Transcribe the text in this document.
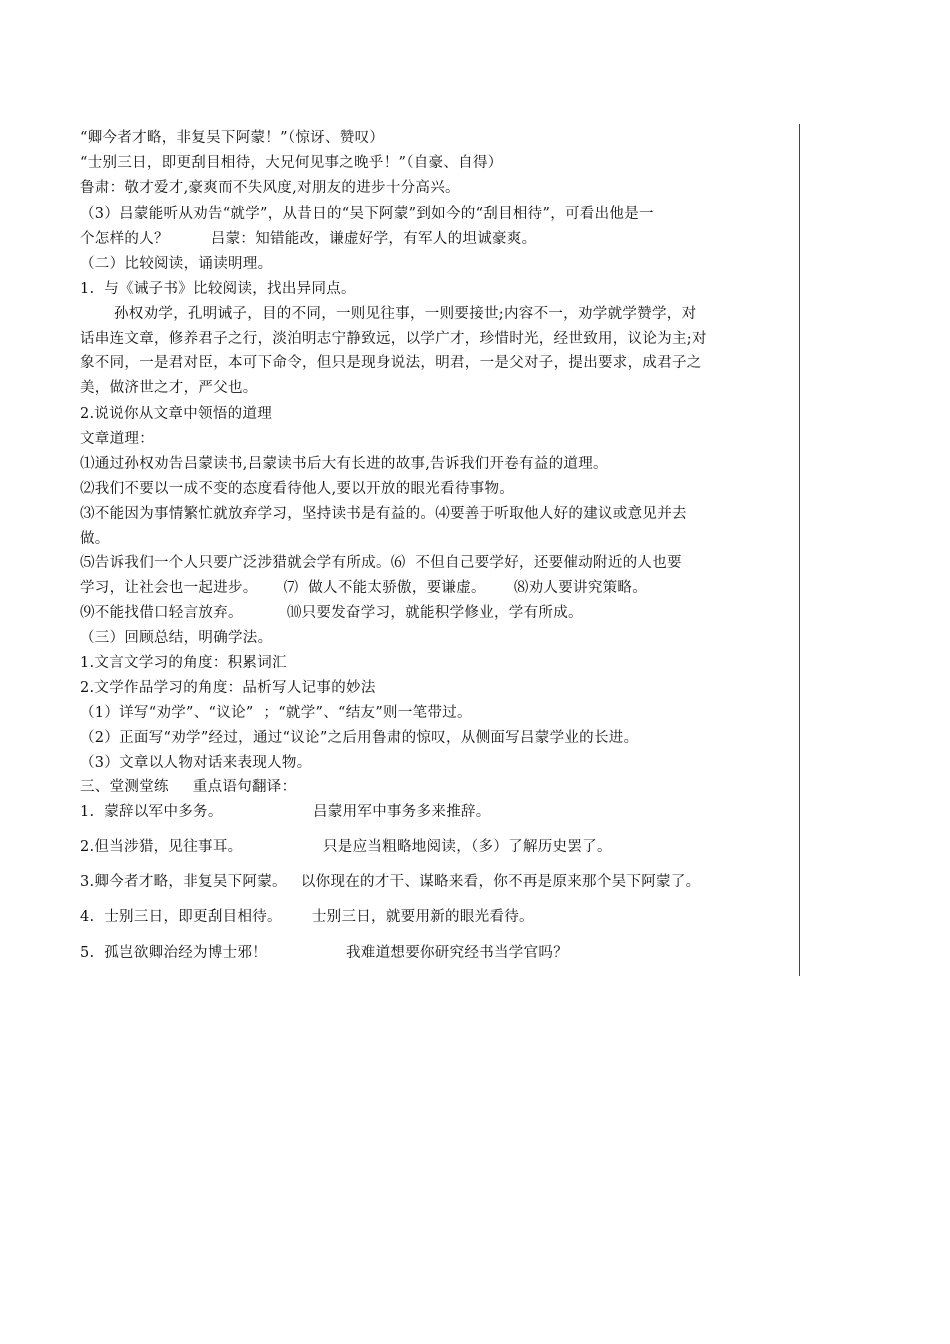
“卿今者才略，非复吴下阿蒙！”（惊讶、赞叹）
“士别三日，即更刮目相待，大兄何见事之晚乎！”（自豪、自得）
鲁肃：敬才爱才,豪爽而不失风度,对朋友的进步十分高兴。
（3）吕蒙能听从劝告“就学”，从昔日的“吴下阿蒙”到如今的“刮目相待”，可看出他是一
个怎样的人？	吕蒙：知错能改，谦虚好学，有军人的坦诚豪爽。
（二）比较阅读，诵读明理。
1.  与《诫子书》比较阅读，找出异同点。
孙权劝学，孔明诫子，目的不同，一则见往事，一则要接世;内容不一，劝学就学赞学，对
话串连文章，修养君子之行，淡泊明志宁静致远，以学广才，珍惜时光，经世致用，议论为主;对
象不同，一是君对臣，本可下命令，但只是现身说法，明君，一是父对子，提出要求，成君子之
美，做济世之才，严父也。
2.说说你从文章中领悟的道理
文章道理：
⑴通过孙权劝告吕蒙读书,吕蒙读书后大有长进的故事,告诉我们开卷有益的道理。
⑵我们不要以一成不变的态度看待他人,要以开放的眼光看待事物。
⑶不能因为事情繁忙就放弃学习，坚持读书是有益的。⑷要善于听取他人好的建议或意见并去
做。
⑸告诉我们一个人只要广泛涉猎就会学有所成。⑹  不但自己要学好，还要催动附近的人也要
学习，让社会也一起进步。 ⑺  做人不能太骄傲，要谦虚。 ⑻劝人要讲究策略。
⑼不能找借口轻言放弃。	⑽只要发奋学习，就能积学修业，学有所成。
（三）回顾总结，明确学法。
1.文言文学习的角度：积累词汇
2.文学作品学习的角度：品析写人记事的妙法
（1）详写“劝学”、“议论”  ；“就学”、“结友”则一笔带过。
（2）正面写“劝学”经过，通过“议论”之后用鲁肃的惊叹，从侧面写吕蒙学业的长进。
（3）文章以人物对话来表现人物。
三、堂测堂练 重点语句翻译：
1.  蒙辞以军中多务。	吕蒙用军中事务多来推辞。
2.但当涉猎，见往事耳。	只是应当粗略地阅读，（多）了解历史罢了。
3.卿今者才略，非复吴下阿蒙。 以你现在的才干、谋略来看，你不再是原来那个吴下阿蒙了。
4.  士别三日，即更刮目相待。 士别三日，就要用新的眼光看待。
5.  孤岂欲卿治经为博士邪！	我难道想要你研究经书当学官吗？
